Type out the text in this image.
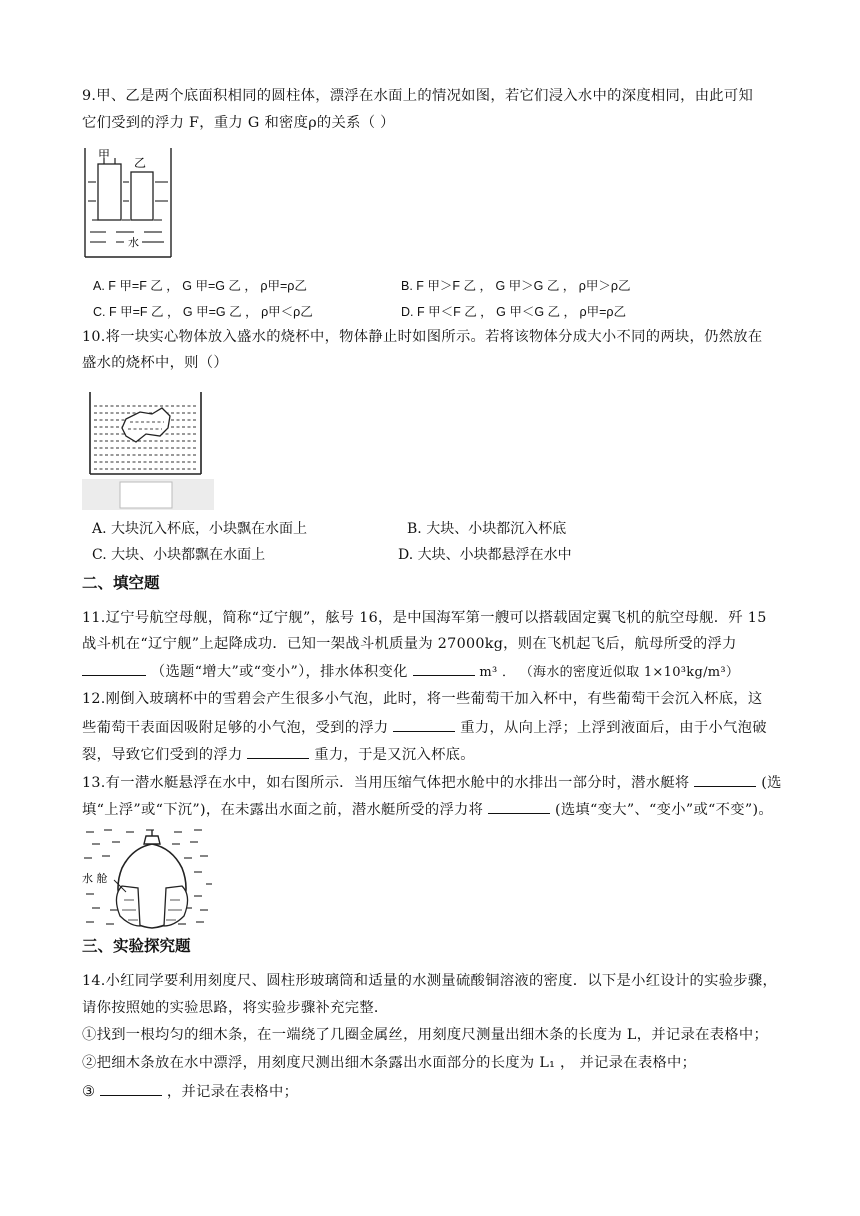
9.甲、乙是两个底面积相同的圆柱体，漂浮在水面上的情况如图，若它们浸入水中的深度相同，由此可知
它们受到的浮力 F，重力 G 和密度ρ的关系（ ）
甲
乙
水
A. F 甲=F 乙 ， G 甲=G 乙 ， ρ甲=ρ乙	B. F 甲＞F 乙 ， G 甲＞G 乙 ， ρ甲＞ρ乙
C. F 甲=F 乙 ， G 甲=G 乙 ， ρ甲＜ρ乙	D. F 甲＜F 乙 ， G 甲＜G 乙 ， ρ甲=ρ乙
10.将一块实心物体放入盛水的烧杯中，物体静止时如图所示。若将该物体分成大小不同的两块，仍然放在
盛水的烧杯中，则（）
A. 大块沉入杯底，小块飘在水面上	B. 大块、小块都沉入杯底
C. 大块、小块都飘在水面上	D. 大块、小块都悬浮在水中
二、填空题
11.辽宁号航空母舰，简称“辽宁舰”，舷号 16，是中国海军第一艘可以搭载固定翼飞机的航空母舰．歼 15
战斗机在“辽宁舰”上起降成功．已知一架战斗机质量为 27000kg，则在飞机起飞后，航母所受的浮力
（选题“增大”或“变小”），排水体积变化	m³ ． （海水的密度近似取 1×10³kg/m³）
12.刚倒入玻璃杯中的雪碧会产生很多小气泡，此时，将一些葡萄干加入杯中，有些葡萄干会沉入杯底，这
些葡萄干表面因吸附足够的小气泡，受到的浮力	重力，从向上浮；上浮到液面后，由于小气泡破
裂，导致它们受到的浮力	重力，于是又沉入杯底。
13.有一潜水艇悬浮在水中，如右图所示．当用压缩气体把水舱中的水排出一部分时，潜水艇将	(选
填“上浮”或“下沉”)，在未露出水面之前，潜水艇所受的浮力将	(选填“变大”、“变小”或“不变”)。
水 舱
三、实验探究题
14.小红同学要利用刻度尺、圆柱形玻璃筒和适量的水测量硫酸铜溶液的密度．以下是小红设计的实验步骤，
请你按照她的实验思路，将实验步骤补充完整．
①找到一根均匀的细木条，在一端绕了几圈金属丝，用刻度尺测量出细木条的长度为 L，并记录在表格中；
②把细木条放在水中漂浮，用刻度尺测出细木条露出水面部分的长度为 L₁ ， 并记录在表格中；
③	，并记录在表格中；
